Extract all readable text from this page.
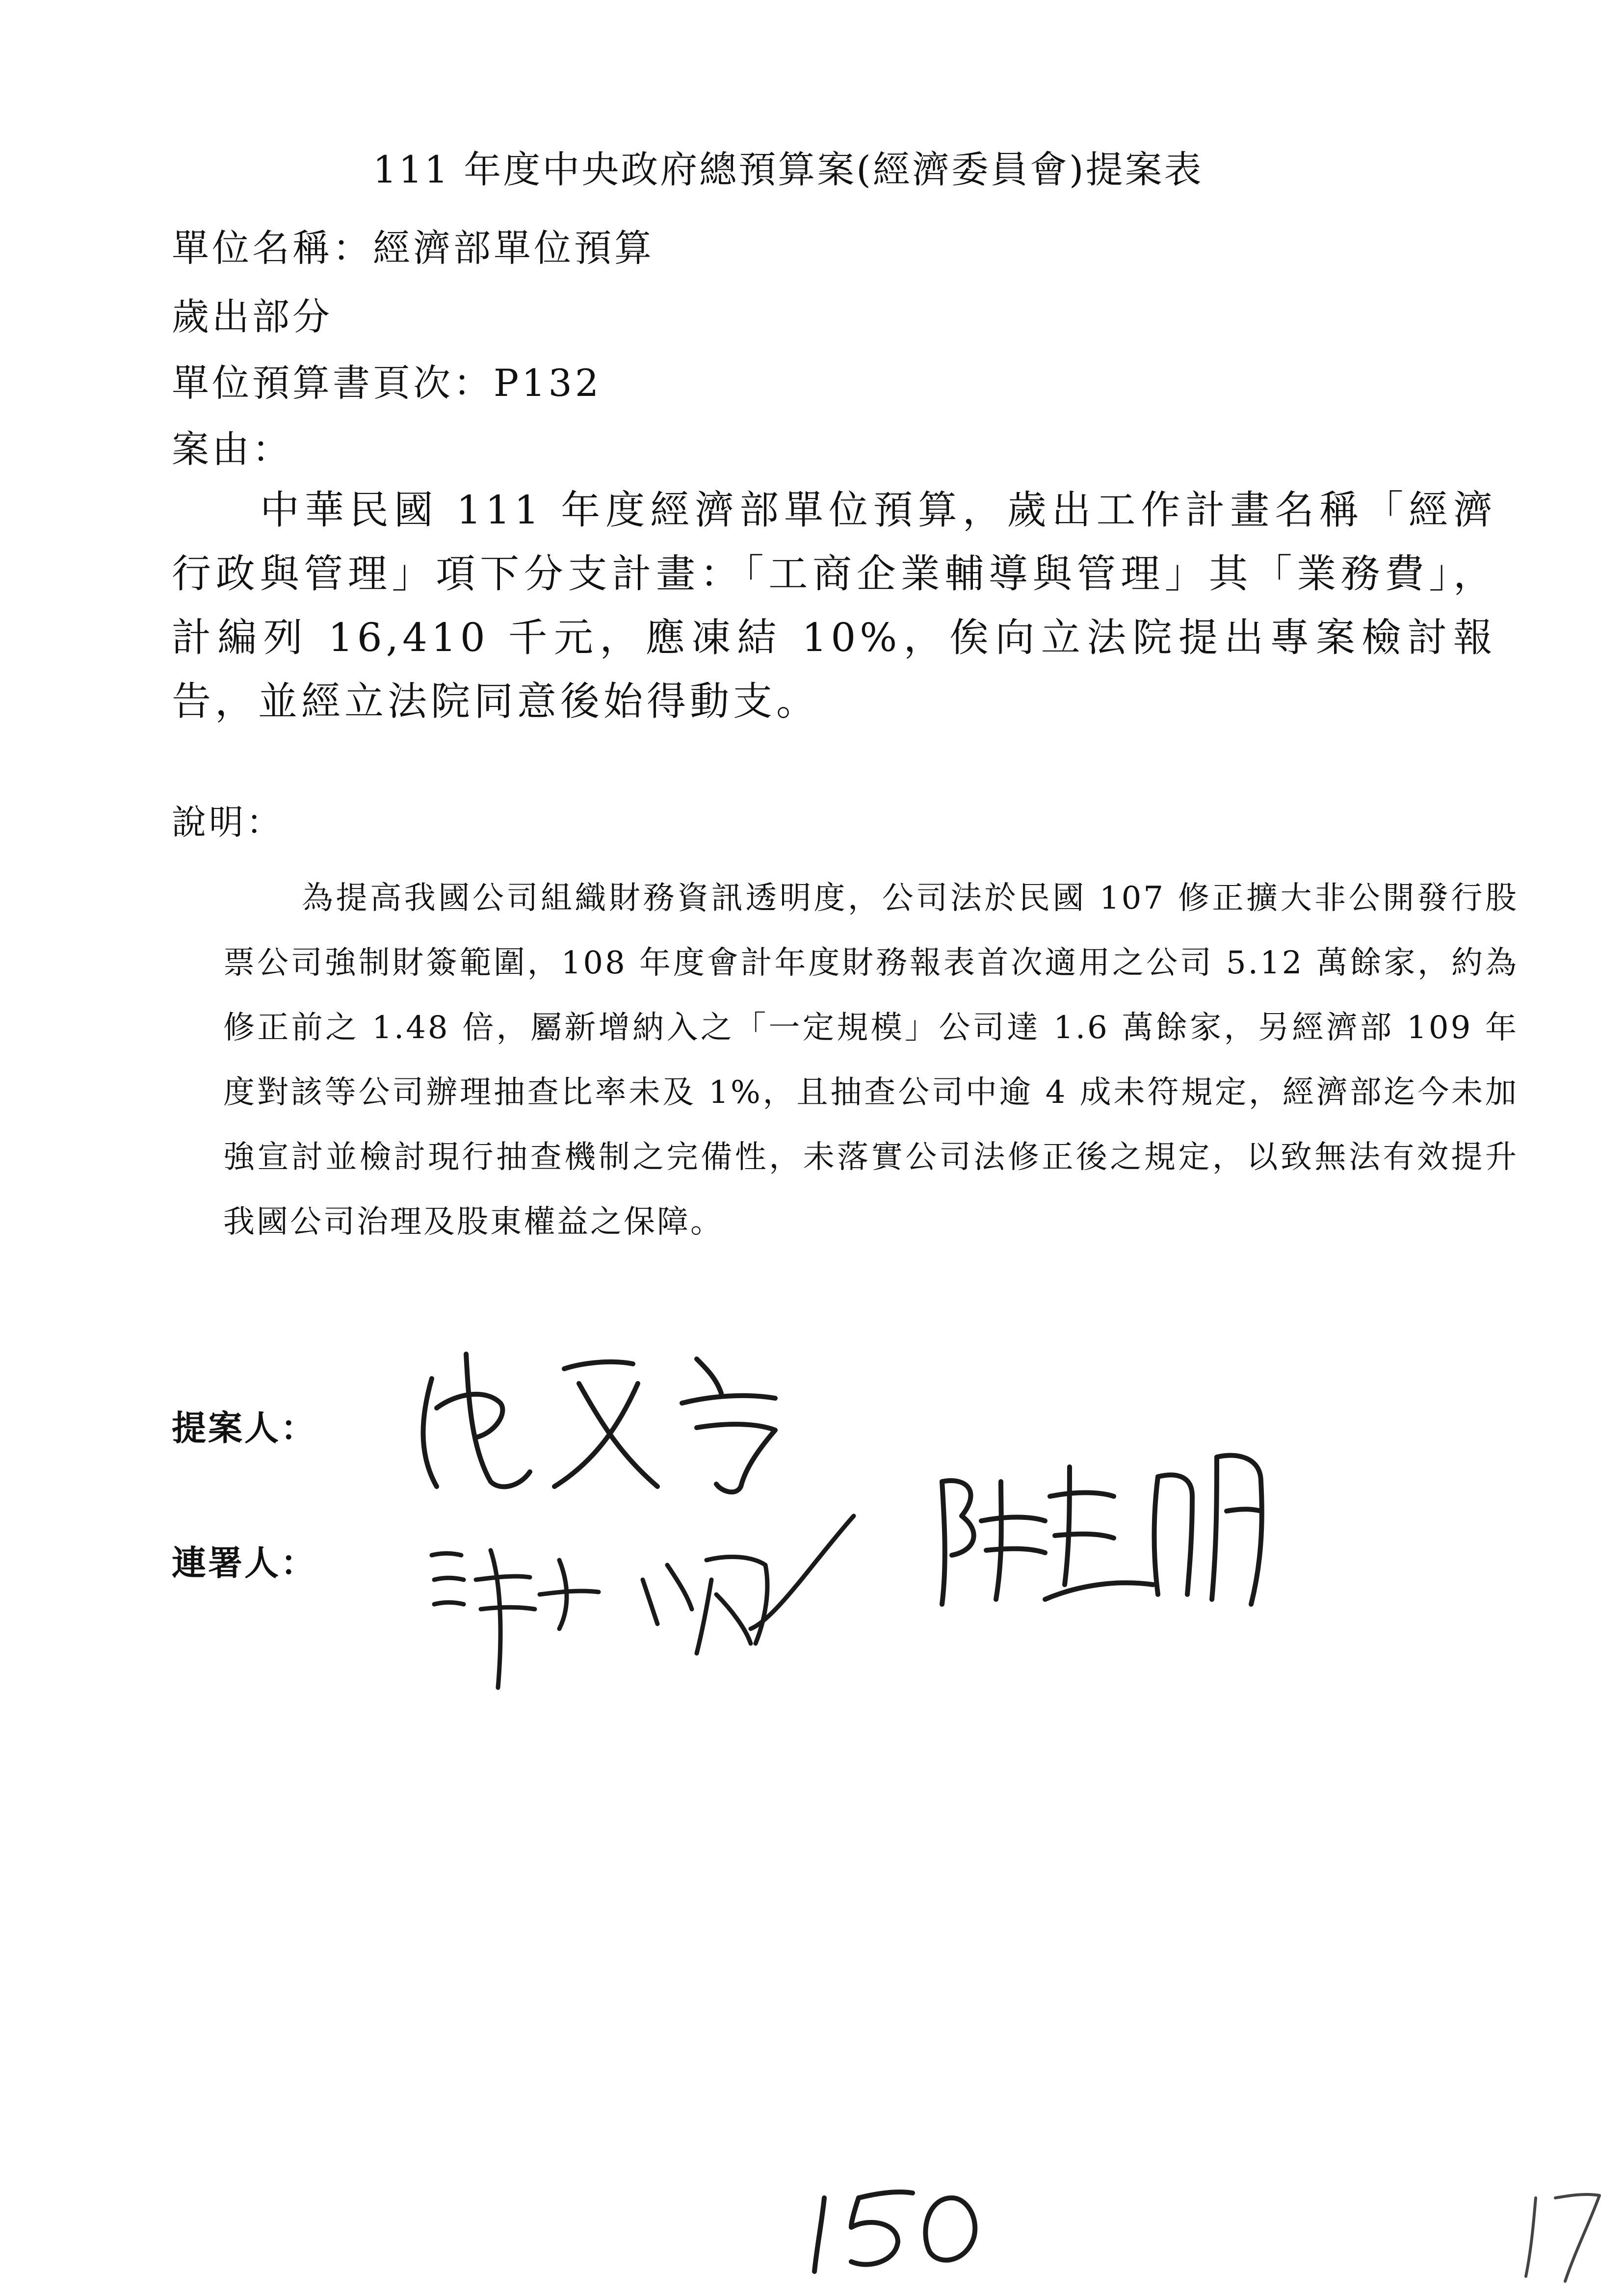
111 年度中央政府總預算案(經濟委員會)提案表
單位名稱：經濟部單位預算
歲出部分
單位預算書頁次：P132
案由：
中華民國 111 年度經濟部單位預算，歲出工作計畫名稱「經濟行政與管理」項下分支計畫：「工商企業輔導與管理」其「業務費」，計編列 16,410 千元，應凍結 10%，俟向立法院提出專案檢討報告，並經立法院同意後始得動支。
說明：
為提高我國公司組織財務資訊透明度，公司法於民國 107 修正擴大非公開發行股票公司強制財簽範圍，108 年度會計年度財務報表首次適用之公司 5.12 萬餘家，約為修正前之 1.48 倍，屬新增納入之「一定規模」公司達 1.6 萬餘家，另經濟部 109 年度對該等公司辦理抽查比率未及 1%，且抽查公司中逾 4 成未符規定，經濟部迄今未加強宣討並檢討現行抽查機制之完備性，未落實公司法修正後之規定，以致無法有效提升我國公司治理及股東權益之保障。
提案人：
連署人：
